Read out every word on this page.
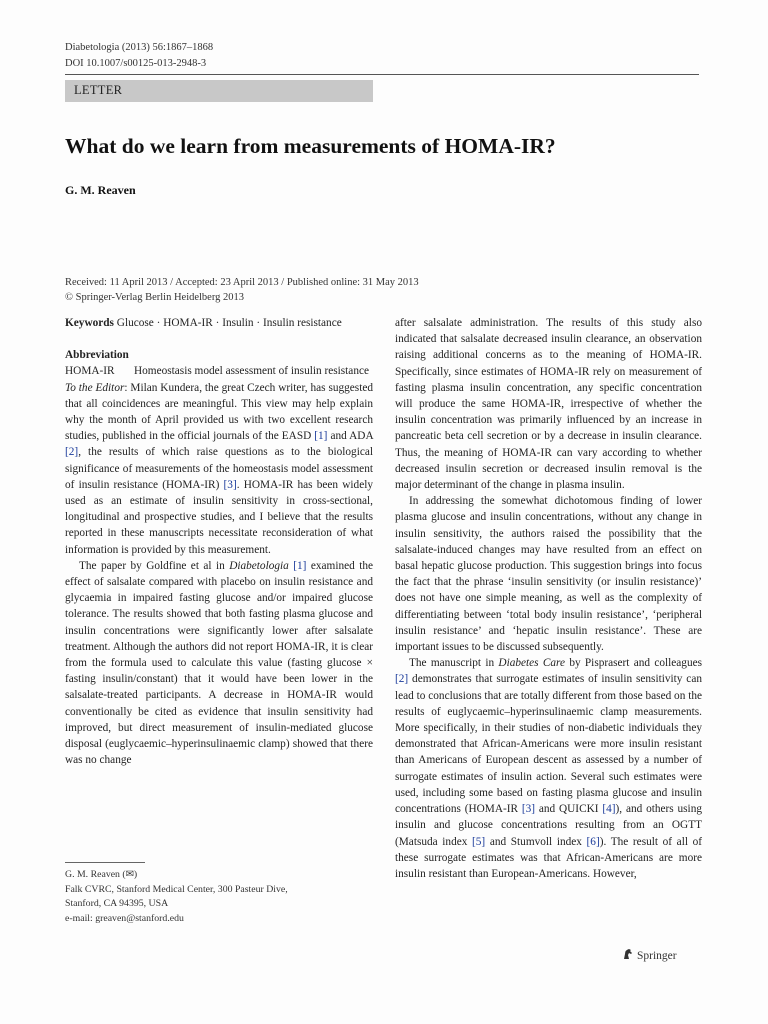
Diabetologia (2013) 56:1867–1868
DOI 10.1007/s00125-013-2948-3
LETTER
What do we learn from measurements of HOMA-IR?
G. M. Reaven
Received: 11 April 2013 / Accepted: 23 April 2013 / Published online: 31 May 2013
© Springer-Verlag Berlin Heidelberg 2013

Keywords Glucose · HOMA-IR · Insulin · Insulin resistance

Abbreviation
HOMA-IR	Homeostasis model assessment of insulin resistance

To the Editor: Milan Kundera, the great Czech writer, has suggested that all coincidences are meaningful. This view may help explain why the month of April provided us with two excellent research studies, published in the official journals of the EASD [1] and ADA [2], the results of which raise questions as to the biological significance of measurements of the homeostasis model assessment of insulin resistance (HOMA-IR) [3]. HOMA-IR has been widely used as an estimate of insulin sensitivity in cross-sectional, longitudinal and prospective studies, and I believe that the results reported in these manuscripts necessitate reconsideration of what information is provided by this measurement.

The paper by Goldfine et al in Diabetologia [1] examined the effect of salsalate compared with placebo on insulin resistance and glycaemia in impaired fasting glucose and/or impaired glucose tolerance. The results showed that both fasting plasma glucose and insulin concentrations were significantly lower after salsalate treatment. Although the authors did not report HOMA-IR, it is clear from the formula used to calculate this value (fasting glucose × fasting insulin/constant) that it would have been lower in the salsalate-treated participants. A decrease in HOMA-IR would conventionally be cited as evidence that insulin sensitivity had improved, but direct measurement of insulin-mediated glucose disposal (euglycaemic–hyperinsulinaemic clamp) showed that there was no change

after salsalate administration. The results of this study also indicated that salsalate decreased insulin clearance, an observation raising additional concerns as to the meaning of HOMA-IR. Specifically, since estimates of HOMA-IR rely on measurement of fasting plasma insulin concentration, any specific concentration will produce the same HOMA-IR, irrespective of whether the insulin concentration was primarily influenced by an increase in pancreatic beta cell secretion or by a decrease in insulin clearance. Thus, the meaning of HOMA-IR can vary according to whether decreased insulin secretion or decreased insulin removal is the major determinant of the change in plasma insulin.

In addressing the somewhat dichotomous finding of lower plasma glucose and insulin concentrations, without any change in insulin sensitivity, the authors raised the possibility that the salsalate-induced changes may have resulted from an effect on basal hepatic glucose production. This suggestion brings into focus the fact that the phrase ‘insulin sensitivity (or insulin resistance)’ does not have one simple meaning, as well as the complexity of differentiating between ‘total body insulin resistance’, ‘peripheral insulin resistance’ and ‘hepatic insulin resistance’. These are important issues to be discussed subsequently.

The manuscript in Diabetes Care by Pisprasert and colleagues [2] demonstrates that surrogate estimates of insulin sensitivity can lead to conclusions that are totally different from those based on the results of euglycaemic–hyperinsulinaemic clamp measurements. More specifically, in their studies of non-diabetic individuals they demonstrated that African-Americans were more insulin resistant than Americans of European descent as assessed by a number of surrogate estimates of insulin action. Several such estimates were used, including some based on fasting plasma glucose and insulin concentrations (HOMA-IR [3] and QUICKI [4]), and others using insulin and glucose concentrations resulting from an OGTT (Matsuda index [5] and Stumvoll index [6]). The result of all of these surrogate estimates was that African-Americans are more insulin resistant than European-Americans. However,

G. M. Reaven (✉)
Falk CVRC, Stanford Medical Center, 300 Pasteur Dive,
Stanford, CA 94395, USA
e-mail: greaven@stanford.edu
Springer
